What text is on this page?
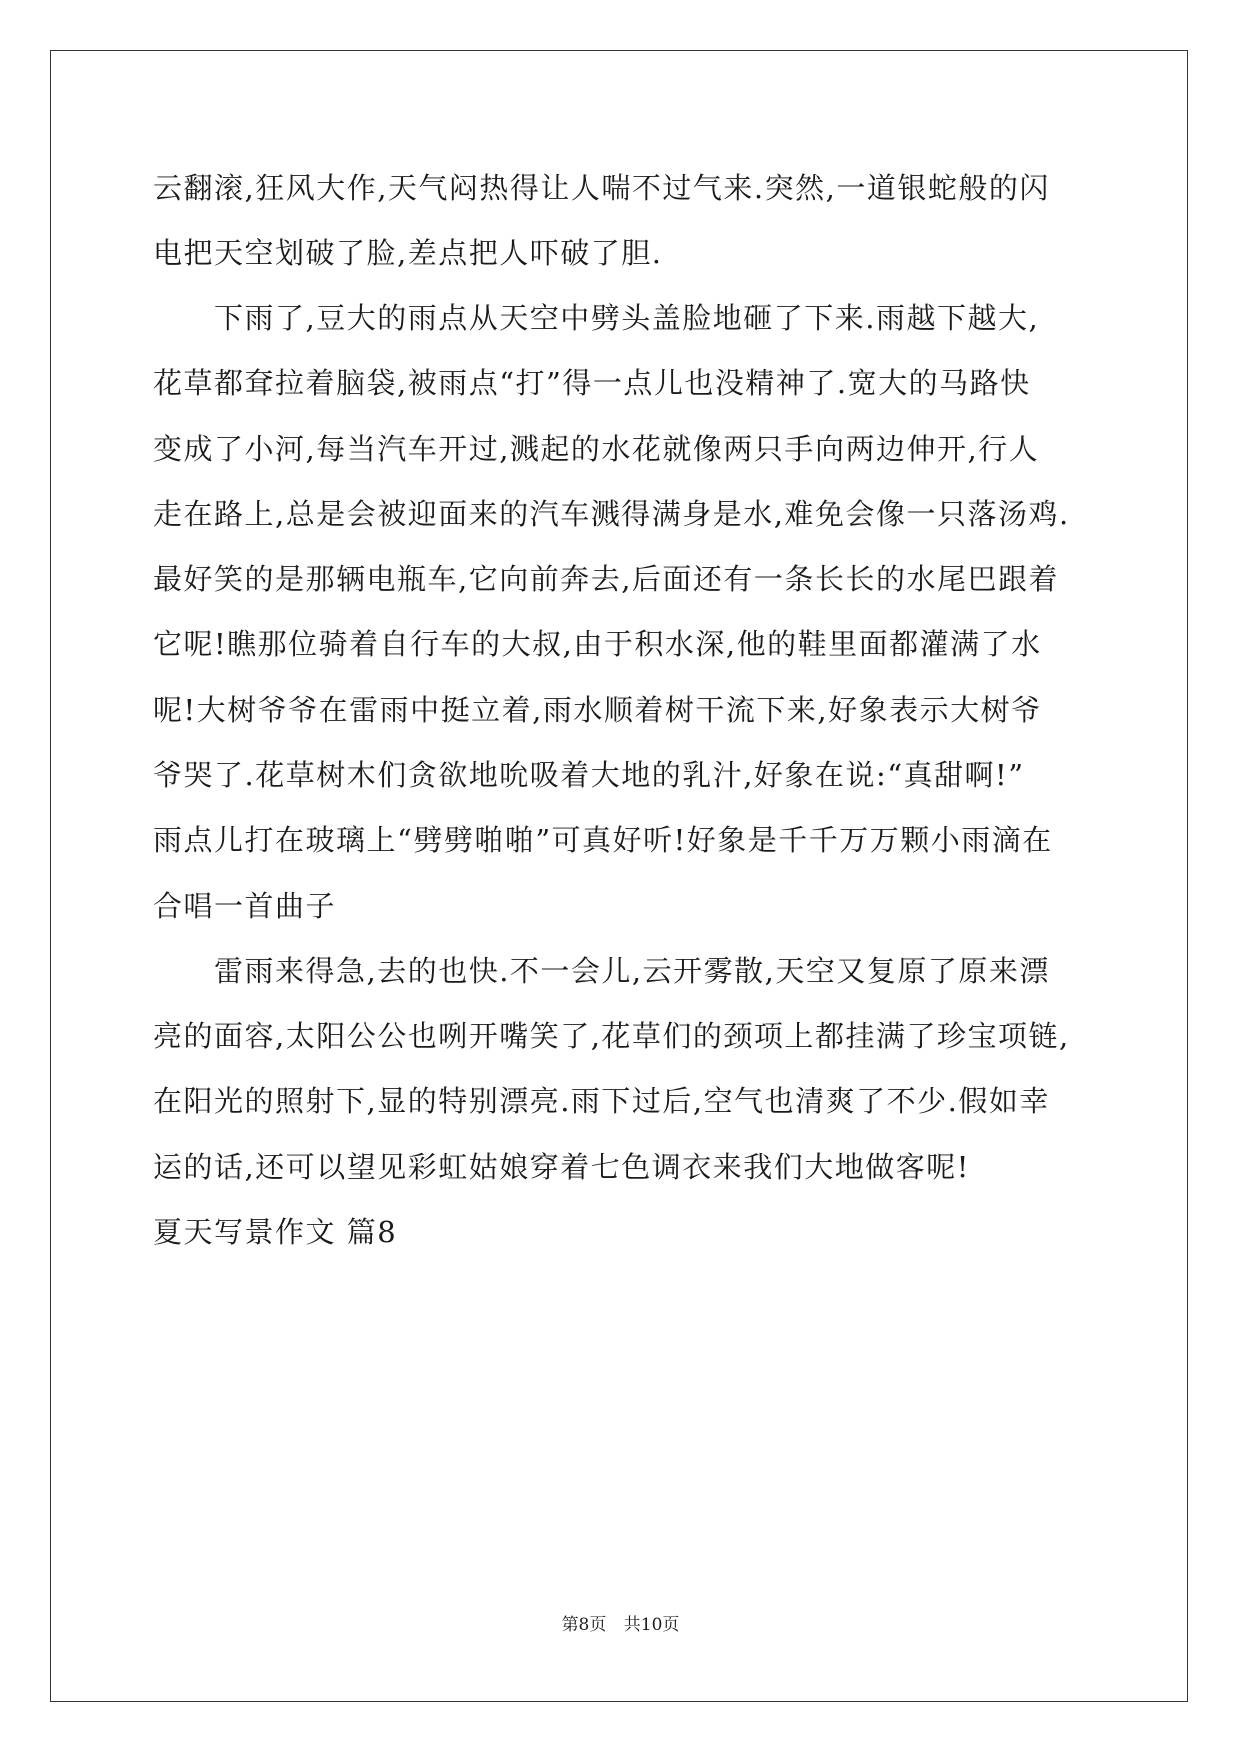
云翻滚,狂风大作,天气闷热得让人喘不过气来.突然,一道银蛇般的闪
电把天空划破了脸,差点把人吓破了胆.
　　下雨了,豆大的雨点从天空中劈头盖脸地砸了下来.雨越下越大,
花草都耷拉着脑袋,被雨点“打”得一点儿也没精神了.宽大的马路快
变成了小河,每当汽车开过,溅起的水花就像两只手向两边伸开,行人
走在路上,总是会被迎面来的汽车溅得满身是水,难免会像一只落汤鸡.
最好笑的是那辆电瓶车,它向前奔去,后面还有一条长长的水尾巴跟着
它呢!瞧那位骑着自行车的大叔,由于积水深,他的鞋里面都灌满了水
呢!大树爷爷在雷雨中挺立着,雨水顺着树干流下来,好象表示大树爷
爷哭了.花草树木们贪欲地吮吸着大地的乳汁,好象在说:“真甜啊!”
雨点儿打在玻璃上“劈劈啪啪”可真好听!好象是千千万万颗小雨滴在
合唱一首曲子
　　雷雨来得急,去的也快.不一会儿,云开雾散,天空又复原了原来漂
亮的面容,太阳公公也咧开嘴笑了,花草们的颈项上都挂满了珍宝项链,
在阳光的照射下,显的特别漂亮.雨下过后,空气也清爽了不少.假如幸
运的话,还可以望见彩虹姑娘穿着七色调衣来我们大地做客呢!
夏天写景作文 篇8
第8页 共10页
